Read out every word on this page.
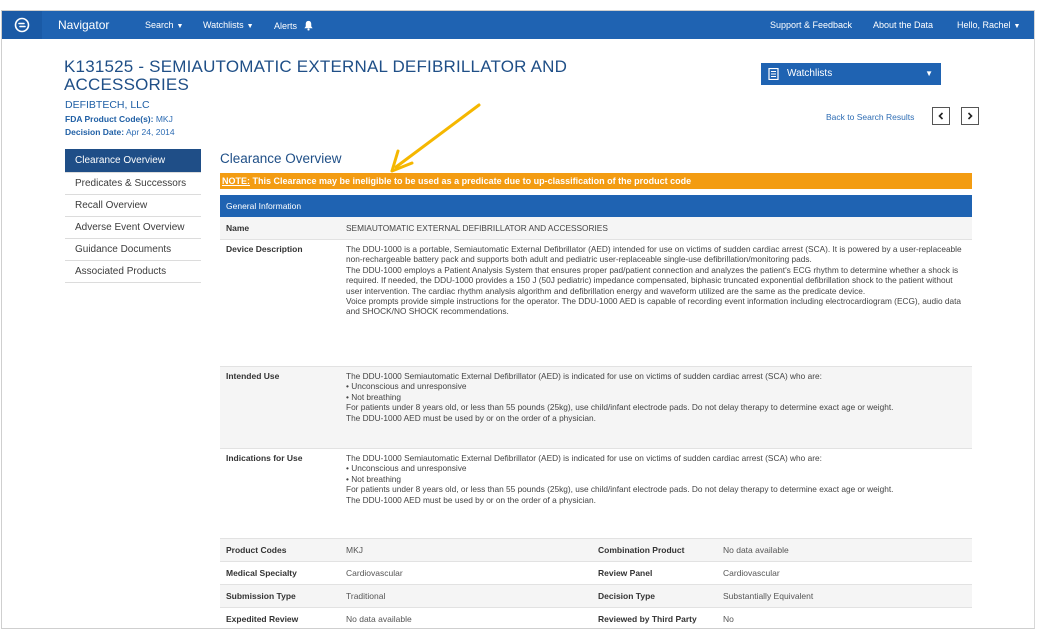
Navigator	Search ▼ Watchlists ▼ Alerts	Support & Feedback About the Data	Hello, Rachel ▼
K131525 - SEMIAUTOMATIC EXTERNAL DEFIBRILLATOR AND ACCESSORIES
DEFIBTECH, LLC
FDA Product Code(s): MKJ
Decision Date: Apr 24, 2014
Watchlists	▼
Back to Search Results
Clearance Overview
Predicates & Successors
Recall Overview
Adverse Event Overview
Guidance Documents
Associated Products
Clearance Overview
NOTE: This Clearance may be ineligible to be used as a predicate due to up-classification of the product code
General Information
Name	SEMIAUTOMATIC EXTERNAL DEFIBRILLATOR AND ACCESSORIES
Device Description	The DDU-1000 is a portable, Semiautomatic External Defibrillator (AED) intended for use on victims of sudden cardiac arrest (SCA). It is powered by a user-replaceable non-rechargeable battery pack and supports both adult and pediatric user-replaceable single-use defibrillation/monitoring pads.
The DDU-1000 employs a Patient Analysis System that ensures proper pad/patient connection and analyzes the patient's ECG rhythm to determine whether a shock is required. If needed, the DDU-1000 provides a 150 J (50J pediatric) impedance compensated, biphasic truncated exponential defibrillation shock to the patient without user intervention. The cardiac rhythm analysis algorithm and defibrillation energy and waveform utilized are the same as the predicate device.
Voice prompts provide simple instructions for the operator. The DDU-1000 AED is capable of recording event information including electrocardiogram (ECG), audio data and SHOCK/NO SHOCK recommendations.
Intended Use	The DDU-1000 Semiautomatic External Defibrillator (AED) is indicated for use on victims of sudden cardiac arrest (SCA) who are:
• Unconscious and unresponsive
• Not breathing
For patients under 8 years old, or less than 55 pounds (25kg), use child/infant electrode pads. Do not delay therapy to determine exact age or weight.
The DDU-1000 AED must be used by or on the order of a physician.
Indications for Use	The DDU-1000 Semiautomatic External Defibrillator (AED) is indicated for use on victims of sudden cardiac arrest (SCA) who are:
• Unconscious and unresponsive
• Not breathing
For patients under 8 years old, or less than 55 pounds (25kg), use child/infant electrode pads. Do not delay therapy to determine exact age or weight.
The DDU-1000 AED must be used by or on the order of a physician.
Product Codes	MKJ	Combination Product	No data available
Medical Specialty	Cardiovascular	Review Panel	Cardiovascular
Submission Type	Traditional	Decision Type	Substantially Equivalent
Expedited Review	No data available	Reviewed by Third Party	No
